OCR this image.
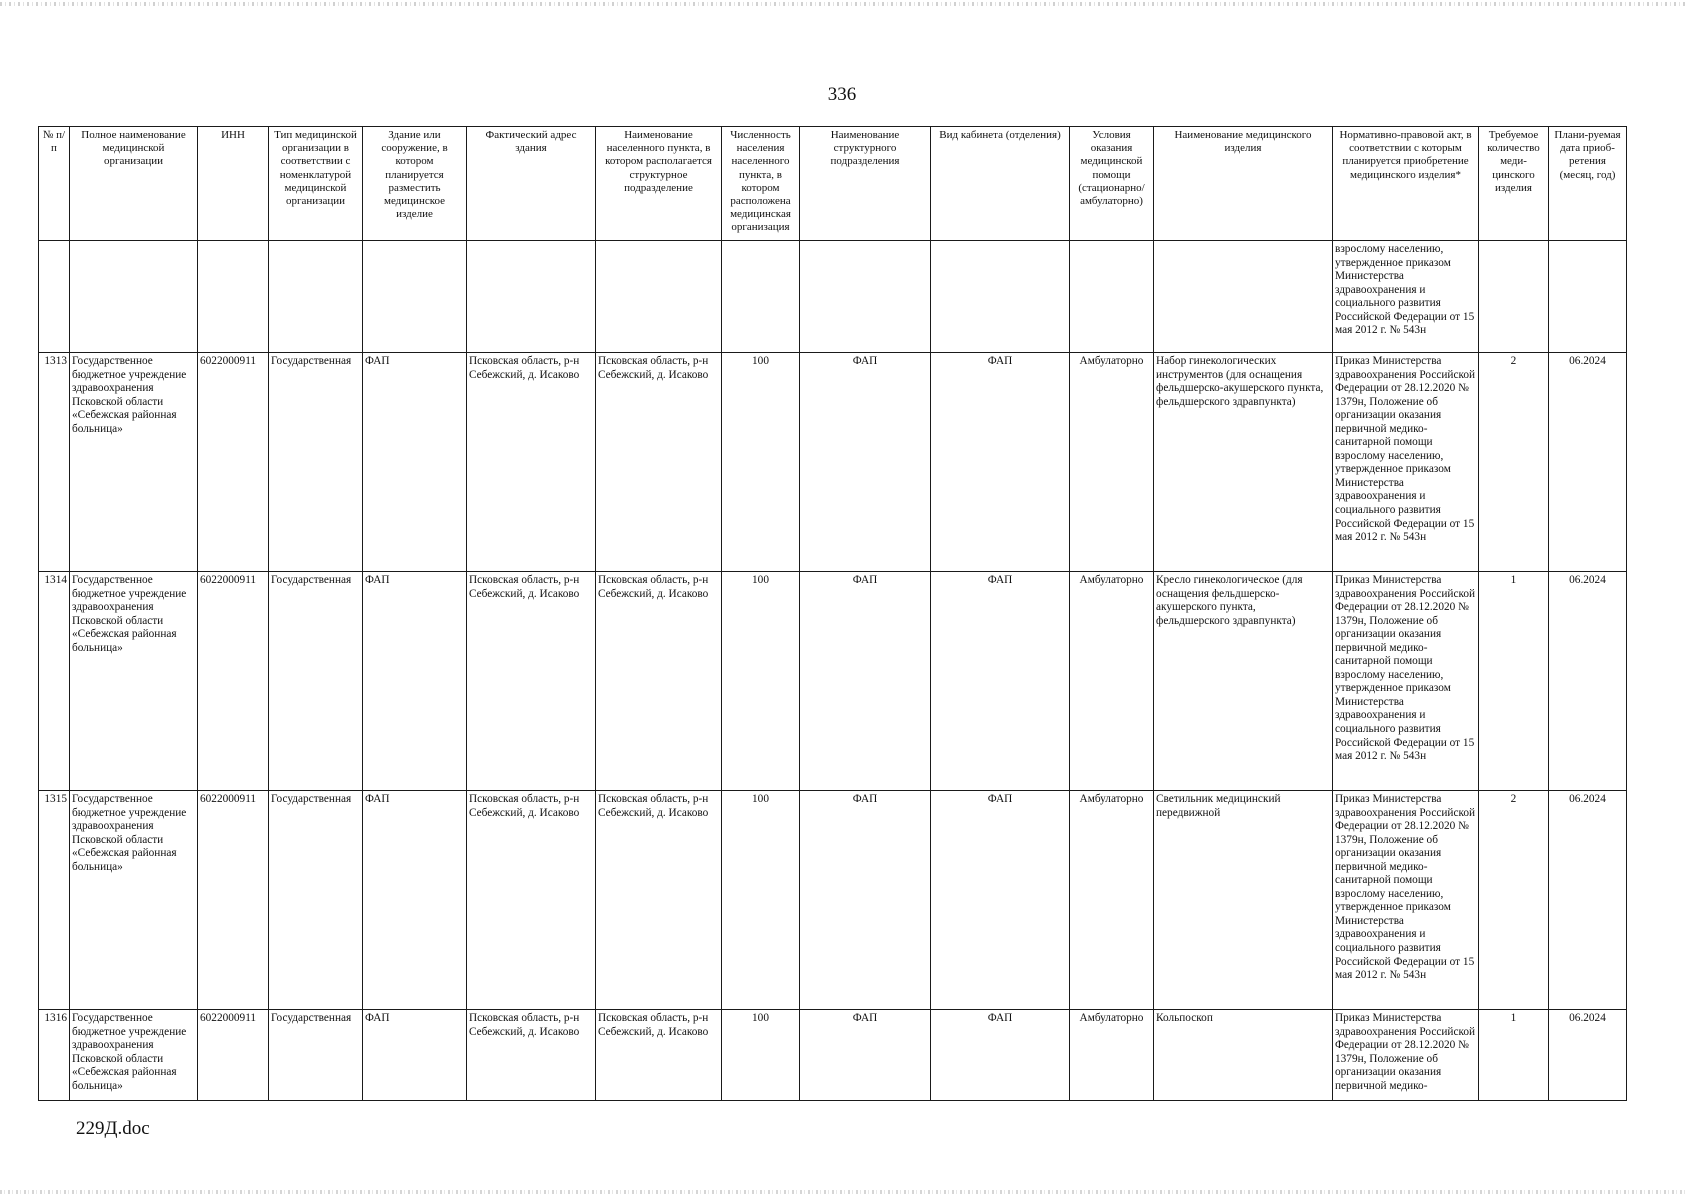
336
№ п/п	Полное наименование медицинской организации	ИНН	Тип медицинской организации в соответствии с номенклатурой медицинской организации	Здание или сооружение, в котором планируется разместить медицинское изделие	Фактический адрес здания	Наименование населенного пункта, в котором располагается структурное подразделение	Численность населения населенного пункта, в котором расположена медицинская организация	Наименование структурного подразделения	Вид кабинета (отделения)	Условия оказания медицинской помощи (стационарно/ амбулаторно)	Наименование медицинского изделия	Нормативно-правовой акт, в соответствии с которым планируется приобретение медицинского изделия*	Требуемое количество меди-цинского изделия	Плани-руемая дата приоб-ретения (месяц, год)
												взрослому населению, утвержденное приказом Министерства здравоохранения и социального развития Российской Федерации от 15 мая 2012 г. № 543н		
1313	Государственное бюджетное учреждение здравоохранения Псковской области «Себежская районная больница»	6022000911	Государственная	ФАП	Псковская область, р-н Себежский, д. Исаково	Псковская область, р-н Себежский, д. Исаково	100	ФАП	ФАП	Амбулаторно	Набор гинекологических инструментов (для оснащения фельдшерско-акушерского пункта, фельдшерского здравпункта)	Приказ Министерства здравоохранения Российской Федерации от 28.12.2020 № 1379н, Положение об организации оказания первичной медико-санитарной помощи взрослому населению, утвержденное приказом Министерства здравоохранения и социального развития Российской Федерации от 15 мая 2012 г. № 543н	2	06.2024
1314	Государственное бюджетное учреждение здравоохранения Псковской области «Себежская районная больница»	6022000911	Государственная	ФАП	Псковская область, р-н Себежский, д. Исаково	Псковская область, р-н Себежский, д. Исаково	100	ФАП	ФАП	Амбулаторно	Кресло гинекологическое (для оснащения фельдшерско-акушерского пункта, фельдшерского здравпункта)	Приказ Министерства здравоохранения Российской Федерации от 28.12.2020 № 1379н, Положение об организации оказания первичной медико-санитарной помощи взрослому населению, утвержденное приказом Министерства здравоохранения и социального развития Российской Федерации от 15 мая 2012 г. № 543н	1	06.2024
1315	Государственное бюджетное учреждение здравоохранения Псковской области «Себежская районная больница»	6022000911	Государственная	ФАП	Псковская область, р-н Себежский, д. Исаково	Псковская область, р-н Себежский, д. Исаково	100	ФАП	ФАП	Амбулаторно	Светильник медицинский передвижной	Приказ Министерства здравоохранения Российской Федерации от 28.12.2020 № 1379н, Положение об организации оказания первичной медико-санитарной помощи взрослому населению, утвержденное приказом Министерства здравоохранения и социального развития Российской Федерации от 15 мая 2012 г. № 543н	2	06.2024
1316	Государственное бюджетное учреждение здравоохранения Псковской области «Себежская районная больница»	6022000911	Государственная	ФАП	Псковская область, р-н Себежский, д. Исаково	Псковская область, р-н Себежский, д. Исаково	100	ФАП	ФАП	Амбулаторно	Кольпоскоп	Приказ Министерства здравоохранения Российской Федерации от 28.12.2020 № 1379н, Положение об организации оказания первичной медико-	1	06.2024
229Д.doc
